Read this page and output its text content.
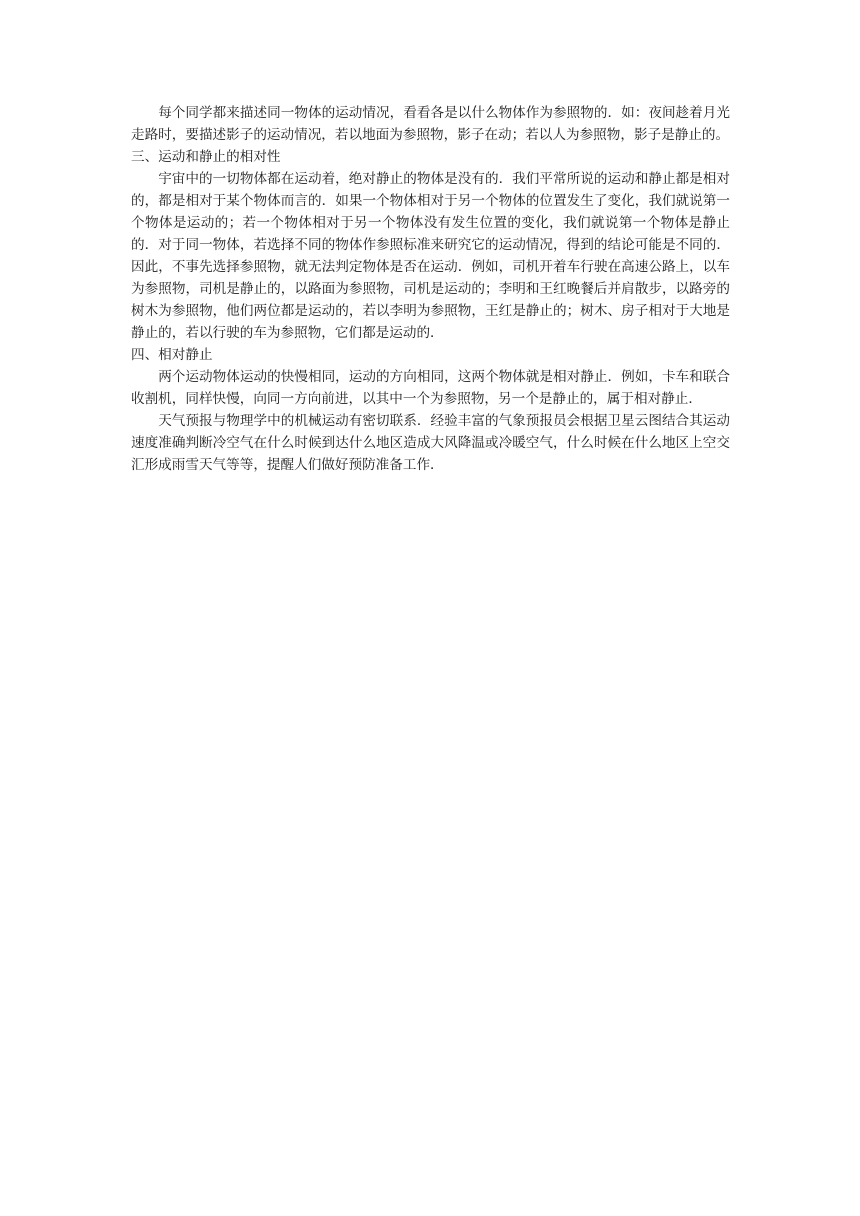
每个同学都来描述同一物体的运动情况，看看各是以什么物体作为参照物的．如：夜间趁着月光走路时，要描述影子的运动情况，若以地面为参照物，影子在动；若以人为参照物，影子是静止的。

三、运动和静止的相对性

宇宙中的一切物体都在运动着，绝对静止的物体是没有的．我们平常所说的运动和静止都是相对的，都是相对于某个物体而言的．如果一个物体相对于另一个物体的位置发生了变化，我们就说第一个物体是运动的；若一个物体相对于另一个物体没有发生位置的变化，我们就说第一个物体是静止的．对于同一物体，若选择不同的物体作参照标准来研究它的运动情况，得到的结论可能是不同的．因此，不事先选择参照物，就无法判定物体是否在运动．例如，司机开着车行驶在高速公路上，以车为参照物，司机是静止的，以路面为参照物，司机是运动的；李明和王红晚餐后并肩散步，以路旁的树木为参照物，他们两位都是运动的，若以李明为参照物，王红是静止的；树木、房子相对于大地是静止的，若以行驶的车为参照物，它们都是运动的．

四、相对静止

两个运动物体运动的快慢相同，运动的方向相同，这两个物体就是相对静止．例如，卡车和联合收割机，同样快慢，向同一方向前进，以其中一个为参照物，另一个是静止的，属于相对静止．

天气预报与物理学中的机械运动有密切联系．经验丰富的气象预报员会根据卫星云图结合其运动速度准确判断冷空气在什么时候到达什么地区造成大风降温或冷暖空气，什么时候在什么地区上空交汇形成雨雪天气等等，提醒人们做好预防准备工作．
